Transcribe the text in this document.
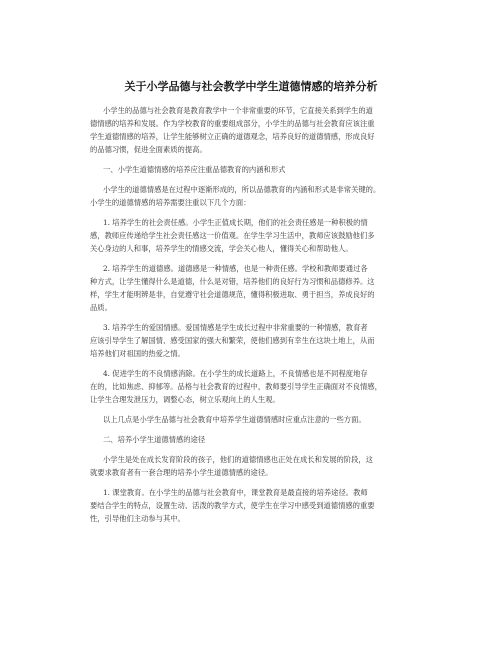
关于小学品德与社会教学中学生道德情感的培养分析

小学生的品德与社会教育是教育教学中一个非常重要的环节，它直接关系到学生的道
德情感的培养和发展。作为学校教育的重要组成部分，小学生的品德与社会教育应该注重
学生道德情感的培养，让学生能够树立正确的道德观念，培养良好的道德情感，形成良好
的品德习惯，促进全面素质的提高。

一、小学生道德情感的培养应注重品德教育的内涵和形式

小学生的道德情感是在过程中逐渐形成的，所以品德教育的内涵和形式是非常关键的。
小学生的道德情感的培养需要注重以下几个方面：

1. 培养学生的社会责任感。小学生正值成长期，他们的社会责任感是一种积极的情
感，教师应传递给学生社会责任感这一价值观。在学生学习生活中，教师应该鼓励他们多
关心身边的人和事，培养学生的情感交流，学会关心他人，懂得关心和帮助他人。

2. 培养学生的道德感。道德感是一种情感，也是一种责任感。学校和教师要通过各
种方式，让学生懂得什么是道德，什么是对错，培养他们的良好行为习惯和品德修养。这
样，学生才能明辨是非，自觉遵守社会道德规范，懂得积极进取、勇于担当，养成良好的
品质。

3. 培养学生的爱国情感。爱国情感是学生成长过程中非常重要的一种情感，教育者
应该引导学生了解国情、感受国家的强大和繁荣，使他们感到有幸生在这块土地上，从而
培养他们对祖国的热爱之情。

4. 促进学生的不良情感消除。在小学生的成长道路上，不良情感也是不同程度地存
在的，比如焦虑、抑郁等。品格与社会教育的过程中，教师要引导学生正确面对不良情感，
让学生合理发泄压力，调整心态，树立乐观向上的人生观。

以上几点是小学生品德与社会教育中培养学生道德情感时应重点注意的一些方面。

二、培养小学生道德情感的途径

小学生是处在成长发育阶段的孩子，他们的道德情感也正处在成长和发展的阶段，这
就要求教育者有一套合理的培养小学生道德情感的途径。

1. 课堂教育。在小学生的品德与社会教育中，课堂教育是最直接的培养途径。教师
要结合学生的特点，设置生动、活泼的教学方式，使学生在学习中感受到道德情感的重要
性，引导他们主动参与其中。
